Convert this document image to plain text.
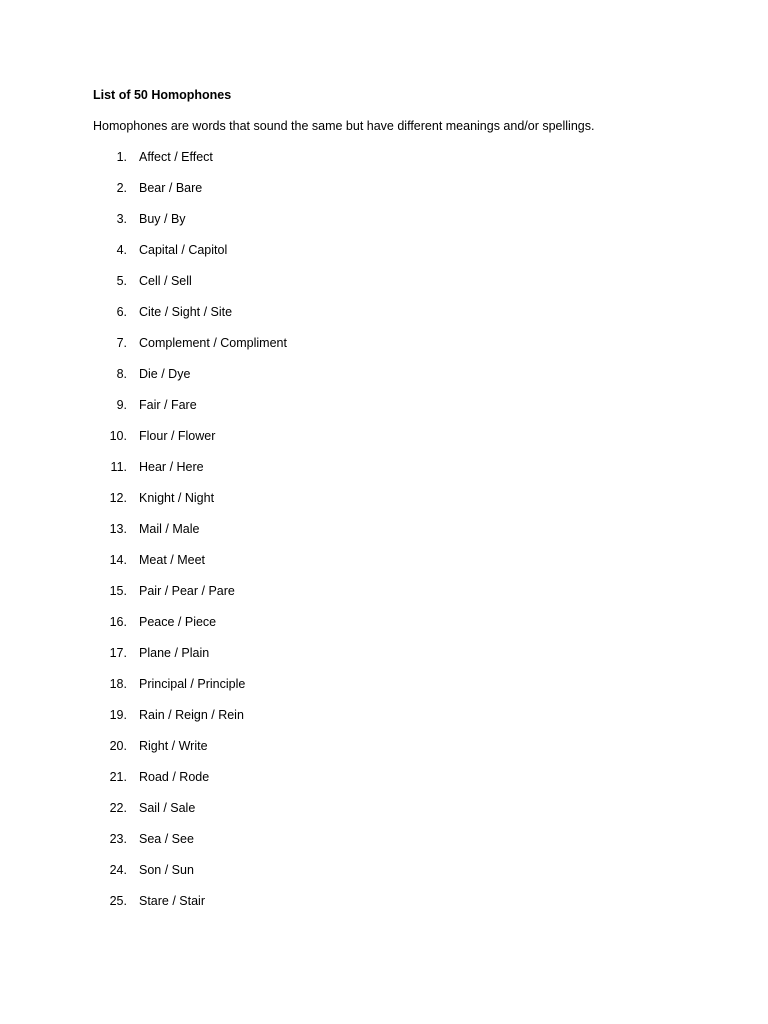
List of 50 Homophones
Homophones are words that sound the same but have different meanings and/or spellings.
1. Affect / Effect
2. Bear / Bare
3. Buy / By
4. Capital / Capitol
5. Cell / Sell
6. Cite / Sight / Site
7. Complement / Compliment
8. Die / Dye
9. Fair / Fare
10. Flour / Flower
11. Hear / Here
12. Knight / Night
13. Mail / Male
14. Meat / Meet
15. Pair / Pear / Pare
16. Peace / Piece
17. Plane / Plain
18. Principal / Principle
19. Rain / Reign / Rein
20. Right / Write
21. Road / Rode
22. Sail / Sale
23. Sea / See
24. Son / Sun
25. Stare / Stair
